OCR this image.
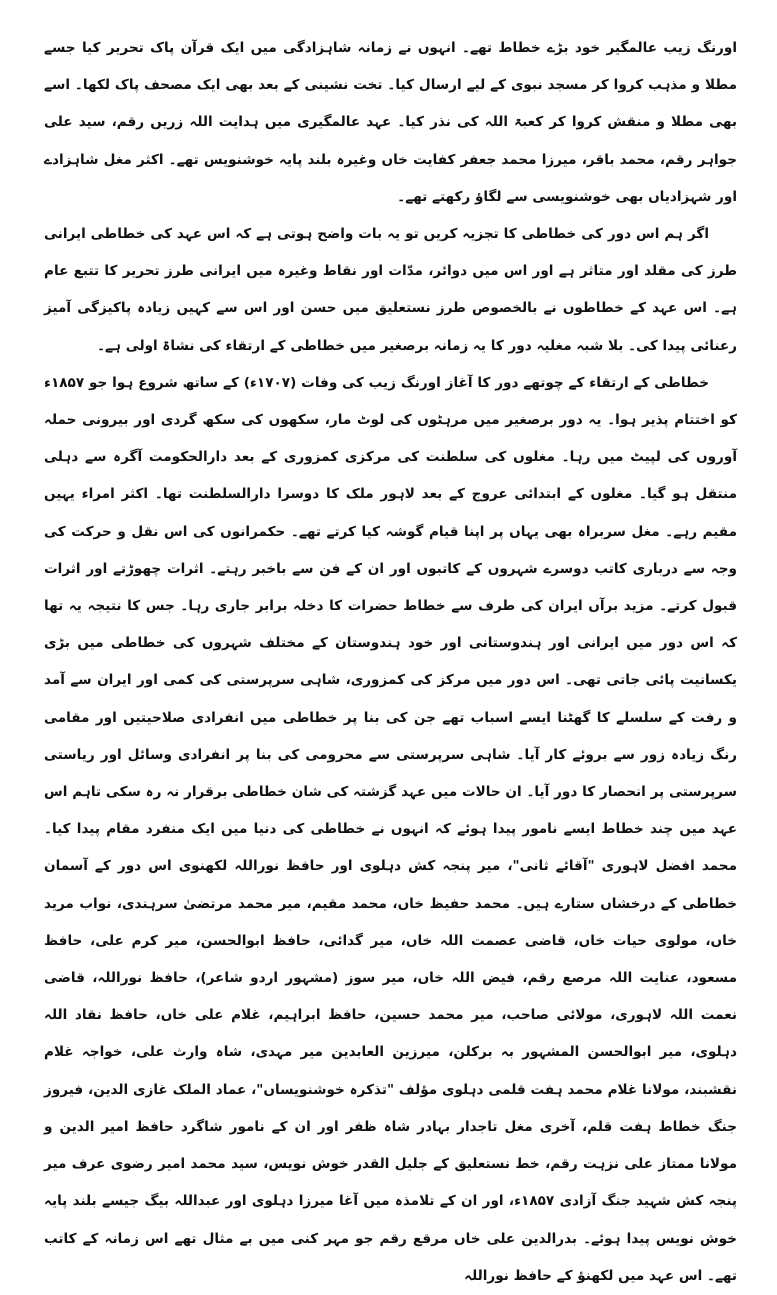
اورنگ زیب عالمگیر خود بڑے خطاط تھے۔ انہوں نے زمانہ شاہزادگی میں ایک قرآن پاک تحریر کیا جسے مطلا و مذہب کروا کر مسجد نبوی کے لیے ارسال کیا۔ تخت نشینی کے بعد بھی ایک مصحف پاک لکھا۔ اسے بھی مطلا و منقش کروا کر کعبۃ اللہ کی نذر کیا۔ عہد عالمگیری میں ہدایت اللہ زریں رقم، سید علی جواہر رقم، محمد باقر، میرزا محمد جعفر کفایت خاں وغیرہ بلند پایہ خوشنویس تھے۔ اکثر مغل شاہزادے اور شہزادیاں بھی خوشنویسی سے لگاؤ رکھتے تھے۔

اگر ہم اس دور کی خطاطی کا تجزیہ کریں تو یہ بات واضح ہوتی ہے کہ اس عہد کی خطاطی ایرانی طرز کی مقلد اور متاثر ہے اور اس میں دوائر، مدّات اور نقاط وغیرہ میں ایرانی طرز تحریر کا تتبع عام ہے۔ اس عہد کے خطاطوں نے بالخصوص طرز نستعلیق میں حسن اور اس سے کہیں زیادہ پاکیزگی آمیز رعنائی پیدا کی۔ بلا شبہ مغلیہ دور کا یہ زمانہ برصغیر میں خطاطی کے ارتقاء کی نشاۃ اولی ہے۔

خطاطی کے ارتقاء کے چوتھے دور کا آغاز اورنگ زیب کی وفات (۱۷۰۷ء) کے ساتھ شروع ہوا جو ۱۸۵۷ء کو اختتام پذیر ہوا۔ یہ دور برصغیر میں مرہٹوں کی لوٹ مار، سکھوں کی سکھ گردی اور بیرونی حملہ آوروں کی لپیٹ میں رہا۔ مغلوں کی سلطنت کی مرکزی کمزوری کے بعد دارالحکومت آگرہ سے دہلی منتقل ہو گیا۔ مغلوں کے ابتدائی عروج کے بعد لاہور ملک کا دوسرا دارالسلطنت تھا۔ اکثر امراء یہیں مقیم رہے۔ مغل سربراہ بھی یہاں پر اپنا قیام گوشہ کیا کرتے تھے۔ حکمرانوں کی اس نقل و حرکت کی وجہ سے درباری کاتب دوسرے شہروں کے کاتبوں اور ان کے فن سے باخبر رہتے۔ اثرات چھوڑتے اور اثرات قبول کرتے۔ مزید برآں ایران کی طرف سے خطاط حضرات کا دخلہ برابر جاری رہا۔ جس کا نتیجہ یہ تھا کہ اس دور میں ایرانی اور ہندوستانی اور خود ہندوستان کے مختلف شہروں کی خطاطی میں بڑی یکسانیت پائی جاتی تھی۔ اس دور میں مرکز کی کمزوری، شاہی سرپرستی کی کمی اور ایران سے آمد و رفت کے سلسلے کا گھٹنا ایسے اسباب تھے جن کی بنا پر خطاطی میں انفرادی صلاحیتیں اور مقامی رنگ زیادہ زور سے بروئے کار آیا۔ شاہی سرپرستی سے محرومی کی بنا پر انفرادی وسائل اور ریاستی سرپرستی پر انحصار کا دور آیا۔ ان حالات میں عہد گزشتہ کی شان خطاطی برقرار نہ رہ سکی تاہم اس عہد میں چند خطاط ایسے نامور پیدا ہوئے کہ انہوں نے خطاطی کی دنیا میں ایک منفرد مقام پیدا کیا۔ محمد افضل لاہوری "آقائے ثانی"، میر پنجہ کش دہلوی اور حافظ نوراللہ لکھنوی اس دور کے آسمان خطاطی کے درخشاں ستارے ہیں۔ محمد حفیظ خاں، محمد مقیم، میر محمد مرتضیٰ سرہندی، نواب مرید خاں، مولوی حیات خاں، قاضی عصمت اللہ خاں، میر گدائی، حافظ ابوالحسن، میر کرم علی، حافظ مسعود، عنایت اللہ مرصع رقم، فیض اللہ خاں، میر سوز (مشہور اردو شاعر)، حافظ نوراللہ، قاضی نعمت اللہ لاہوری، مولائی صاحب، میر محمد حسین، حافظ ابراہیم، غلام علی خاں، حافظ نقاد اللہ دہلوی، میر ابوالحسن المشہور بہ برکلن، میرزین العابدین میر مہدی، شاہ وارث علی، خواجہ غلام نقشبند، مولانا غلام محمد ہفت قلمی دہلوی مؤلف "تذکرہ خوشنویساں"، عماد الملک غازی الدین، فیروز جنگ خطاط ہفت قلم، آخری مغل تاجدار بہادر شاہ ظفر اور ان کے نامور شاگرد حافظ امیر الدین و مولانا ممتاز علی نزہت رقم، خط نستعلیق کے جلیل القدر خوش نویس، سید محمد امیر رضوی عرف میر پنجہ کش شہید جنگ آزادی ۱۸۵۷ء، اور ان کے تلامذہ میں آغا میرزا دہلوی اور عبداللہ بیگ جیسے بلند پایہ خوش نویس پیدا ہوئے۔ بدرالدین علی خاں مرقع رقم جو مہر کنی میں بے مثال تھے اس زمانہ کے کاتب تھے۔ اس عہد میں لکھنؤ کے حافظ نوراللہ
